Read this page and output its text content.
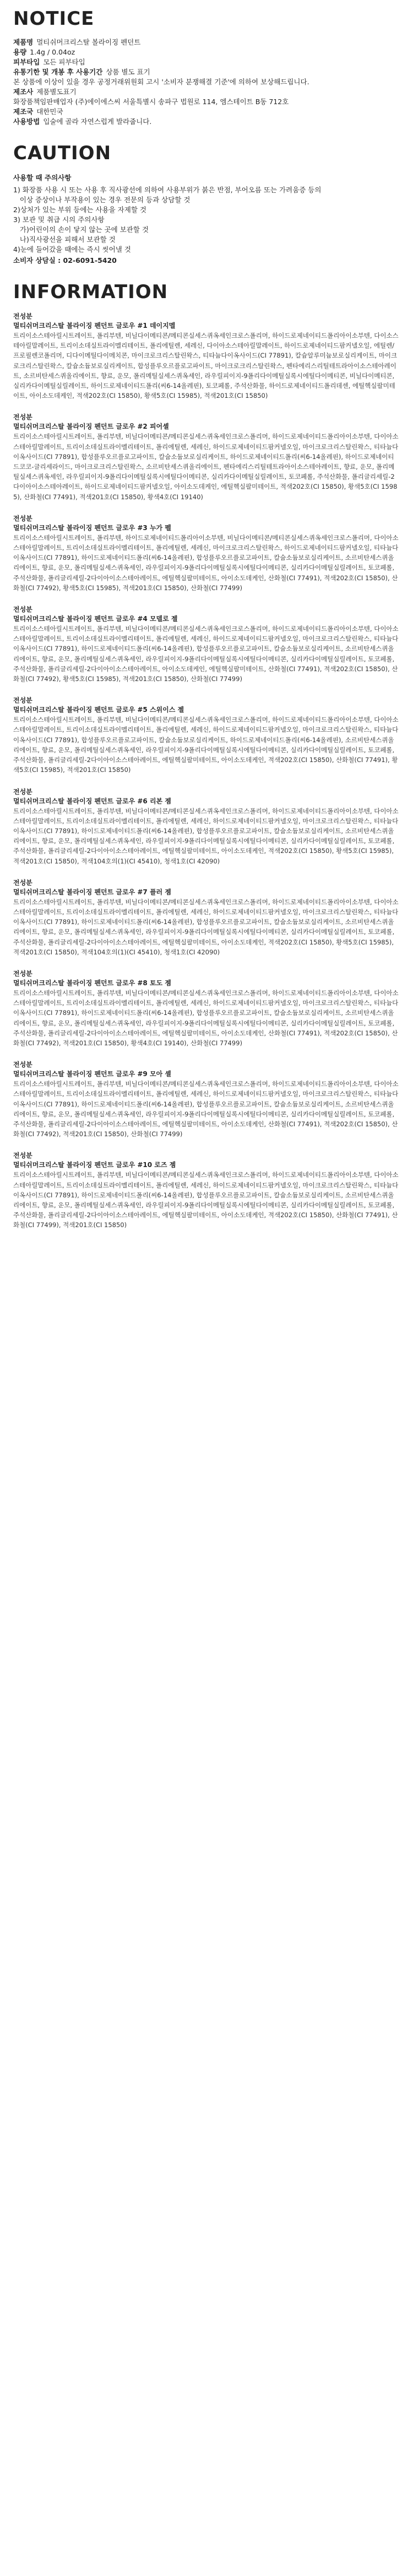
NOTICE

제품명 멀티쉬머크리스탈 볼라이징 펜던트

용량 1.4g / 0.04oz

피부타입 모든 피부타입

유통기한 및 개봉 후 사용기간 상품 별도 표기

본 상품에 이상이 있을 경우 공정거래위원회 고시 '소비자 분쟁해결 기준'에 의하여 보상해드립니다.

제조사 제품별도표기

화장품책임판매업자 (주)에이에스씨 서울특별시 송파구 법원로 114, 엠스테이트 B동 712호

제조국 대한민국

사용방법 입술에 골라 자연스럽게 발라줍니다.

CAUTION
사용할 때 주의사항

1) 화장품 사용 시 또는 사용 후 직사광선에 의하여 사용부위가 붉은 반점, 부어오름 또는 가려움증 등의

이상 증상이나 부작용이 있는 경우 전문의 등과 상담할 것

2)상처가 있는 부위 등에는 사용을 자제할 것

3) 보관 및 취급 시의 주의사항

가)어린이의 손이 닿지 않는 곳에 보관할 것

나)직사광선을 피해서 보관할 것

4)눈에 들어갔을 때에는 즉시 씻어낼 것

소비자 상담실 : 02-6091-5420
INFORMATION
전성분
멀티쉬머크리스탈 볼라이징 펜던트 글로우 #1 데이지멜
트리이소스테아릴시트레이트, 폴리부텐, 비닐다이메티콘/메티콘실세스퀴옥세인크로스폴리머, 하이드로제네이티드폴리아이소부텐, 다이소스테아릴말레이트, 트리이소데실트라이멜리테이트, 폴리에틸렌, 세레신, 다이아소스테아릴말레이트, 하이드로제네이티드팜커넬오일, 에틸렌/프로필렌코폴리머, 디다이메틸다이메치콘, 마이크로크리스탈린왁스, 티타늄다이옥사이드(CI 77891), 칼슘알루미늄보로실리케이트, 마이크로크리스탈린왁스, 칼슘소듐보로실리케이트, 합성플루오르플로고파이트, 마이크로크리스탈린왁스, 펜타에리스리틸테트라아이소스테아레이트, 소르비탄세스퀴올리에이트, 향료, 운모, 폴리메틸실세스퀴옥세인, 라우릴피이지-9폴리다이메틸실록시에틸다이메티콘, 비닐다이메티콘, 실리카다이메틸실릴레이트, 하이드로제네이티드폴리(씨6-14올레핀), 토코페롤, 주석산화물, 하이드로제네이티드폴리데센, 에틸헥실팔미테이트, 아이소도데케인, 적색202호(CI 15850), 황색5호(CI 15985), 적색201호(CI 15850)
전성분
멀티쉬머크리스탈 볼라이징 펜던트 글로우 #2 피어셸
트리이소스테아릴시트레이트, 폴리부텐, 비닐다이메티콘/메티콘실세스퀴옥세인크로스폴리머, 하이드로제네이티드폴리아이소부텐, 다이아소스테아릴말레이트, 트리이소데실트라이멜리테이트, 폴리에틸렌, 세레신, 하이드로제네이티드팜커넬오일, 마이크로크리스탈린왁스, 티타늄다이옥사이드(CI 77891), 합성플루오르플로고파이트, 칼슘소듐보로실리케이트, 하이드로제네이티드폴리(씨6-14올레핀), 하이드로제네이티드코코-글리세라이드, 마이크로크리스탈린왁스, 소르비탄세스퀴올리에이트, 펜타에리스리틸테트라아이소스테아레이트, 향료, 운모, 폴리메틸실세스퀴옥세인, 라우릴피이지-9폴리다이메틸실록시에틸다이메티콘, 실리카다이메틸실릴레이트, 토코페롤, 주석산화물, 폴리글리세릴-2다이아이소스테아레이트, 하이드로제네이티드팜커넬오일, 아이소도데케인, 에틸헥실팔미테이트, 적색202호(CI 15850), 황색5호(CI 15985), 산화철(CI 77491), 적색201호(CI 15850), 황색4호(CI 19140)
전성분
멀티쉬머크리스탈 볼라이징 펜던트 글로우 #3 누가 펠
트리이소스테아릴시트레이트, 폴리부텐, 하이드로제네이티드폴리아이소부텐, 비닐다이메티콘/메티콘실세스퀴옥세인크로스폴리머, 다이아소스테아릴말레이트, 트리이소데실트라이멜리테이트, 폴리에틸렌, 세레신, 마이크로크리스탈린왁스, 하이드로제네이티드팜커넬오일, 티타늄다이옥사이드(CI 77891), 하이드로제네이티드폴리(씨6-14올레핀), 합성플루오르플로고파이트, 칼슘소듐보로실리케이트, 소르비탄세스퀴올리에이트, 향료, 운모, 폴리메틸실세스퀴옥세인, 라우릴피이지-9폴리다이메틸실록시에틸다이메티콘, 실리카다이메틸실릴레이트, 토코페롤, 주석산화물, 폴리글리세릴-2다이아이소스테아레이트, 에틸헥실팔미테이트, 아이소도데케인, 산화철(CI 77491), 적색202호(CI 15850), 산화철(CI 77492), 황색5호(CI 15985), 적색201호(CI 15850), 산화철(CI 77499)
전성분
멀티쉬머크리스탈 볼라이징 펜던트 글로우 #4 모델로 젤
트리이소스테아릴시트레이트, 폴리부텐, 비닐다이메티콘/메티콘실세스퀴옥세인크로스폴리머, 하이드로제네이티드폴리아이소부텐, 다이아소스테아릴말레이트, 트리이소데실트라이멜리테이트, 폴리에틸렌, 세레신, 하이드로제네이티드팜커넬오일, 마이크로크리스탈린왁스, 티타늄다이옥사이드(CI 77891), 하이드로제네이티드폴리(씨6-14올레핀), 합성플루오르플로고파이트, 칼슘소듐보로실리케이트, 소르비탄세스퀴올리에이트, 향료, 운모, 폴리메틸실세스퀴옥세인, 라우릴피이지-9폴리다이메틸실록시에틸다이메티콘, 실리카다이메틸실릴레이트, 토코페롤, 주석산화물, 폴리글리세릴-2다이아이소스테아레이트, 아이소도데케인, 에틸헥실팔미테이트, 산화철(CI 77491), 적색202호(CI 15850), 산화철(CI 77492), 황색5호(CI 15985), 적색201호(CI 15850), 산화철(CI 77499)
전성분
멀티쉬머크리스탈 볼라이징 펜던트 글로우 #5 스위이스 젤
트리이소스테아릴시트레이트, 폴리부텐, 비닐다이메티콘/메티콘실세스퀴옥세인크로스폴리머, 하이드로제네이티드폴리아이소부텐, 다이아소스테아릴말레이트, 트리이소데실트라이멜리테이트, 폴리에틸렌, 세레신, 하이드로제네이티드팜커넬오일, 마이크로크리스탈린왁스, 티타늄다이옥사이드(CI 77891), 합성플루오르플로고파이트, 칼슘소듐보로실리케이트, 하이드로제네이티드폴리(씨6-14올레핀), 소르비탄세스퀴올리에이트, 향료, 운모, 폴리메틸실세스퀴옥세인, 라우릴피이지-9폴리다이메틸실록시에틸다이메티콘, 실리카다이메틸실릴레이트, 토코페롤, 주석산화물, 폴리글리세릴-2다이아이소스테아레이트, 에틸헥실팔미테이트, 아이소도데케인, 적색202호(CI 15850), 산화철(CI 77491), 황색5호(CI 15985), 적색201호(CI 15850)
전성분
멀티쉬머크리스탈 볼라이징 펜던트 글로우 #6 리본 젬
트리이소스테아릴시트레이트, 폴리부텐, 비닐다이메티콘/메티콘실세스퀴옥세인크로스폴리머, 하이드로제네이티드폴리아이소부텐, 다이아소스테아릴말레이트, 트리이소데실트라이멜리테이트, 폴리에틸렌, 세레신, 하이드로제네이티드팜커넬오일, 마이크로크리스탈린왁스, 티타늄다이옥사이드(CI 77891), 하이드로제네이티드폴리(씨6-14올레핀), 합성플루오르플로고파이트, 칼슘소듐보로실리케이트, 소르비탄세스퀴올리에이트, 향료, 운모, 폴리메틸실세스퀴옥세인, 라우릴피이지-9폴리다이메틸실록시에틸다이메티콘, 실리카다이메틸실릴레이트, 토코페롤, 주석산화물, 폴리글리세릴-2다이아이소스테아레이트, 에틸헥실팔미테이트, 아이소도데케인, 적색202호(CI 15850), 황색5호(CI 15985), 적색201호(CI 15850), 적색104호의(1)(CI 45410), 청색1호(CI 42090)
전성분
멀티쉬머크리스탈 볼라이징 펜던트 글로우 #7 플러 젬
트리이소스테아릴시트레이트, 폴리부텐, 비닐다이메티콘/메티콘실세스퀴옥세인크로스폴리머, 하이드로제네이티드폴리아이소부텐, 다이아소스테아릴말레이트, 트리이소데실트라이멜리테이트, 폴리에틸렌, 세레신, 하이드로제네이티드팜커넬오일, 마이크로크리스탈린왁스, 티타늄다이옥사이드(CI 77891), 하이드로제네이티드폴리(씨6-14올레핀), 합성플루오르플로고파이트, 칼슘소듐보로실리케이트, 소르비탄세스퀴올리에이트, 향료, 운모, 폴리메틸실세스퀴옥세인, 라우릴피이지-9폴리다이메틸실록시에틸다이메티콘, 실리카다이메틸실릴레이트, 토코페롤, 주석산화물, 폴리글리세릴-2다이아이소스테아레이트, 에틸헥실팔미테이트, 아이소도데케인, 적색202호(CI 15850), 황색5호(CI 15985), 적색201호(CI 15850), 적색104호의(1)(CI 45410), 청색1호(CI 42090)
전성분
멀티쉬머크리스탈 볼라이징 펜던트 글로우 #8 토도 젬
트리이소스테아릴시트레이트, 폴리부텐, 비닐다이메티콘/메티콘실세스퀴옥세인크로스폴리머, 하이드로제네이티드폴리아이소부텐, 다이아소스테아릴말레이트, 트리이소데실트라이멜리테이트, 폴리에틸렌, 세레신, 하이드로제네이티드팜커넬오일, 마이크로크리스탈린왁스, 티타늄다이옥사이드(CI 77891), 하이드로제네이티드폴리(씨6-14올레핀), 합성플루오르플로고파이트, 칼슘소듐보로실리케이트, 소르비탄세스퀴올리에이트, 향료, 운모, 폴리메틸실세스퀴옥세인, 라우릴피이지-9폴리다이메틸실록시에틸다이메티콘, 실리카다이메틸실릴레이트, 토코페롤, 주석산화물, 폴리글리세릴-2다이아이소스테아레이트, 에틸헥실팔미테이트, 아이소도데케인, 산화철(CI 77491), 적색202호(CI 15850), 산화철(CI 77492), 적색201호(CI 15850), 황색4호(CI 19140), 산화철(CI 77499)
전성분
멀티쉬머크리스탈 볼라이징 펜던트 글로우 #9 모아 셸
트리이소스테아릴시트레이트, 폴리부텐, 비닐다이메티콘/메티콘실세스퀴옥세인크로스폴리머, 하이드로제네이티드폴리아이소부텐, 다이아소스테아릴말레이트, 트리이소데실트라이멜리테이트, 폴리에틸렌, 세레신, 하이드로제네이티드팜커넬오일, 마이크로크리스탈린왁스, 티타늄다이옥사이드(CI 77891), 하이드로제네이티드폴리(씨6-14올레핀), 합성플루오르플로고파이트, 칼슘소듐보로실리케이트, 소르비탄세스퀴올리에이트, 향료, 운모, 폴리메틸실세스퀴옥세인, 라우릴피이지-9폴리다이메틸실록시에틸다이메티콘, 실리카다이메틸실릴레이트, 토코페롤, 주석산화물, 폴리글리세릴-2다이아이소스테아레이트, 에틸헥실팔미테이트, 아이소도데케인, 산화철(CI 77491), 적색202호(CI 15850), 산화철(CI 77492), 적색201호(CI 15850), 산화철(CI 77499)
전성분
멀티쉬머크리스탈 볼라이징 펜던트 글로우 #10 로즈 젬
트리이소스테아릴시트레이트, 폴리부텐, 비닐다이메티콘/메티콘실세스퀴옥세인크로스폴리머, 하이드로제네이티드폴리아이소부텐, 다이아소스테아릴말레이트, 트리이소데실트라이멜리테이트, 폴리에틸렌, 세레신, 하이드로제네이티드팜커넬오일, 마이크로크리스탈린왁스, 티타늄다이옥사이드(CI 77891), 하이드로제네이티드폴리(씨6-14올레핀), 합성플루오르플로고파이트, 칼슘소듐보로실리케이트, 소르비탄세스퀴올리에이트, 향료, 운모, 폴리메틸실세스퀴옥세인, 라우릴피이지-9폴리다이메틸실록시에틸다이메티콘, 실리카다이메틸실릴레이트, 토코페롤, 주석산화물, 폴리글리세릴-2다이아이소스테아레이트, 에틸헥실팔미테이트, 아이소도데케인, 적색202호(CI 15850), 산화철(CI 77491), 산화철(CI 77499), 적색201호(CI 15850)
